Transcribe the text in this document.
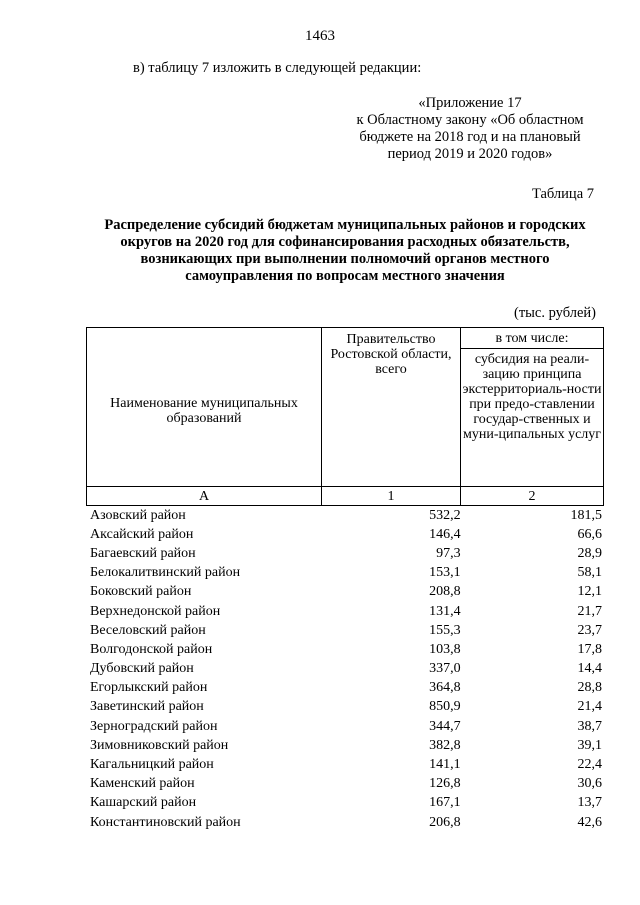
1463
в) таблицу 7 изложить в следующей редакции:
«Приложение 17
к Областному закону «Об областном
бюджете на 2018 год и на плановый
период 2019 и 2020 годов»
Таблица 7
Распределение субсидий бюджетам муниципальных районов и городских
округов на 2020 год для софинансирования расходных обязательств,
возникающих при выполнении полномочий органов местного
самоуправления по вопросам местного значения
(тыс. рублей)
Наименование муниципальных образований	Правительство Ростовской области, всего	в том числе:
		субсидия на реали-зацию принципа экстерриториаль-ности при предо-ставлении государ-ственных и муни-ципальных услуг
А	1	2
Азовский район	532,2	181,5
Аксайский район	146,4	66,6
Багаевский район	97,3	28,9
Белокалитвинский район	153,1	58,1
Боковский район	208,8	12,1
Верхнедонской район	131,4	21,7
Веселовский район	155,3	23,7
Волгодонской район	103,8	17,8
Дубовский район	337,0	14,4
Егорлыкский район	364,8	28,8
Заветинский район	850,9	21,4
Зерноградский район	344,7	38,7
Зимовниковский район	382,8	39,1
Кагальницкий район	141,1	22,4
Каменский район	126,8	30,6
Кашарский район	167,1	13,7
Константиновский район	206,8	42,6
